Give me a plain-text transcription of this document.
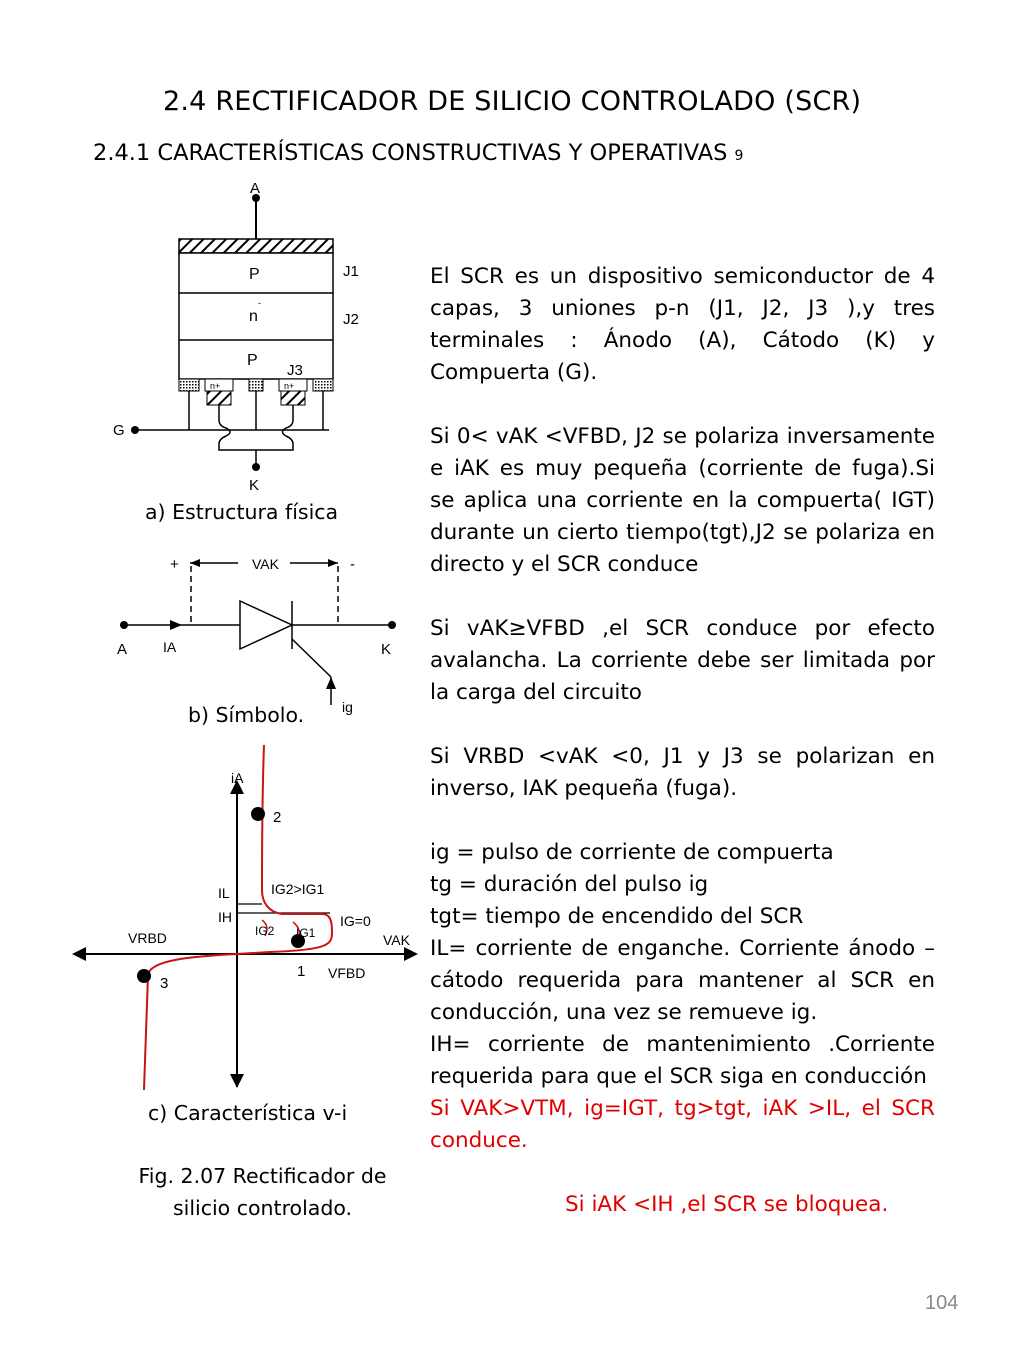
2.4 RECTIFICADOR DE SILICIO CONTROLADO (SCR)
2.4.1 CARACTERÍSTICAS CONSTRUCTIVAS Y OPERATIVAS 9
A
P
n
-
P
J1
J2
J3
n+	n+
G
K
a) Estructura física
+	VAK	-
A	IA	K
ig
b) Símbolo.
iA
2
IL
IH
IG2>IG1
IG=0
IG2 IG1
VRBD	VAK
1 VFBD
3
c) Característica v-i
Fig. 2.07 Rectificador de
silicio controlado.
El SCR es un dispositivo semiconductor de 4 capas, 3 uniones p-n (J1, J2, J3 ),y tres terminales : Ánodo (A), Cátodo (K) y Compuerta (G).
Si 0< vAK <VFBD, J2 se polariza inversamente e iAK es muy pequeña (corriente de fuga).Si se aplica una corriente en la compuerta( IGT) durante un cierto tiempo(tgt),J2 se polariza en directo y el SCR conduce
Si vAK≥VFBD ,el SCR conduce por efecto avalancha. La corriente debe ser limitada por la carga del circuito
Si VRBD <vAK <0, J1 y J3 se polarizan en inverso, IAK pequeña (fuga).
ig = pulso de corriente de compuerta
tg = duración del pulso ig
tgt= tiempo de encendido del SCR
IL= corriente de enganche. Corriente ánodo – cátodo requerida para mantener al SCR en conducción, una vez se remueve ig.
IH= corriente de mantenimiento .Corriente requerida para que el SCR siga en conducción
Si VAK>VTM, ig=IGT, tg>tgt, iAK >IL, el SCR conduce.
Si iAK <IH ,el SCR se bloquea.
104
